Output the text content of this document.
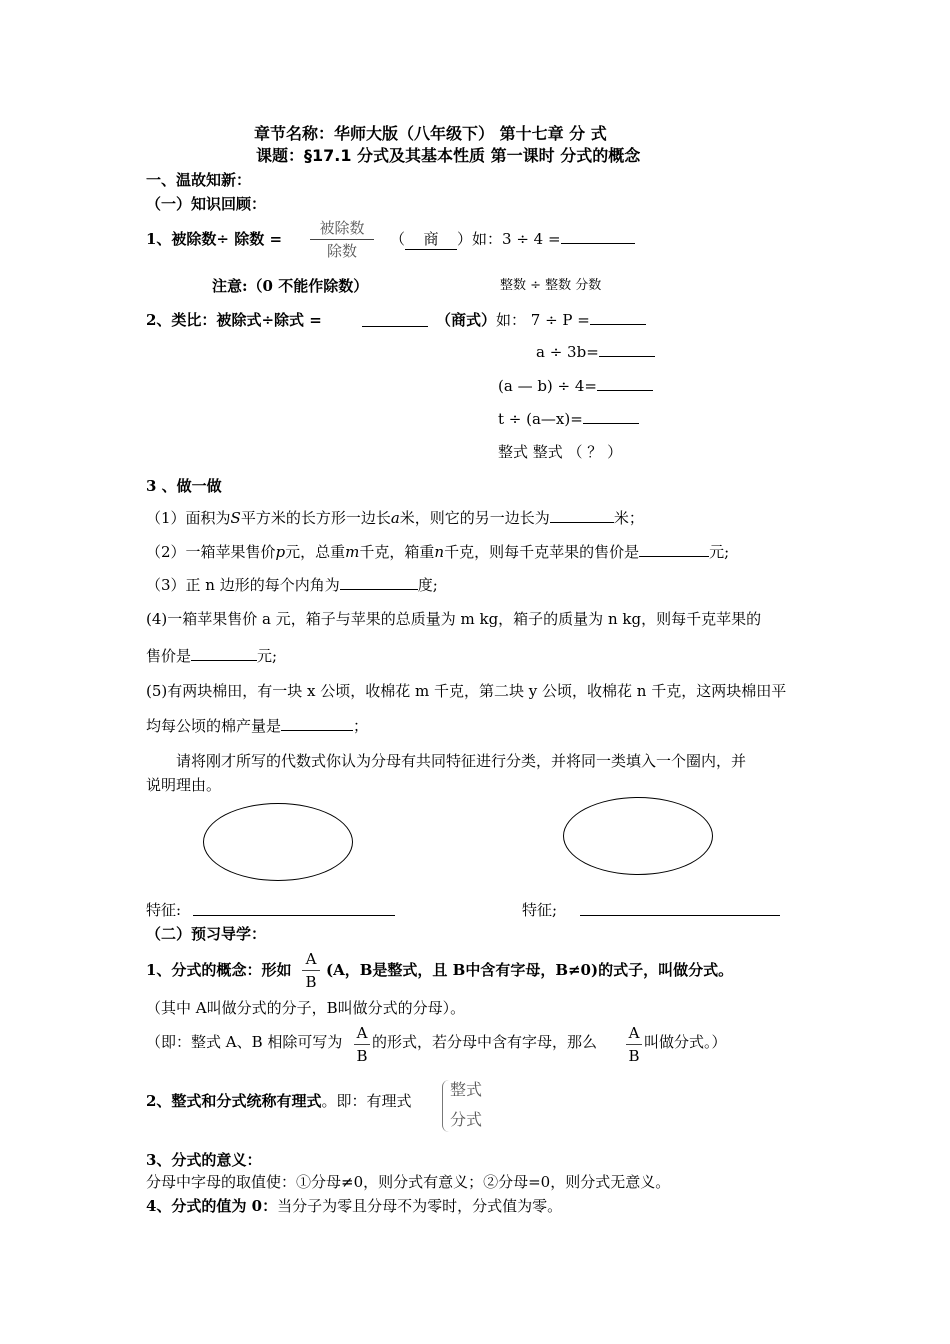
章节名称：华师大版（八年级下） 第十七章 分 式
课题：§17.1 分式及其基本性质 第一课时 分式的概念
一、温故知新：
（一）知识回顾：
1、被除数÷ 除数 =
被除数
除数
（ 商 ）如：3 ÷ 4 =
注意:（0 不能作除数）	整数 ÷ 整数 分数
2、类比：被除式÷除式 =	（商式） 如： 7 ÷ P =
a ÷ 3b=
(a — b) ÷ 4=
t ÷ (a—x)=
整式 整式 （ ？ ）
3 、做一做
（1）面积为S平方米的长方形一边长a米，则它的另一边长为	米；
（2）一箱苹果售价p元，总重m千克，箱重n千克，则每千克苹果的售价是	元;
（3）正 n 边形的每个内角为	度;
(4)一箱苹果售价 a 元，箱子与苹果的总质量为 m kg，箱子的质量为 n kg，则每千克苹果的
售价是	元;
(5)有两块棉田，有一块 x 公顷，收棉花 m 千克，第二块 y 公顷，收棉花 n 千克，这两块棉田平
均每公顷的棉产量是	；
请将刚才所写的代数式你认为分母有共同特征进行分类，并将同一类填入一个圈内，并
说明理由。
特征:	特征;
（二）预习导学：
1、分式的概念：形如 $\frac{A}{B} (A$，B是整式，且 B中含有字母，B≠0)的式子，叫做分式。
（其中 A叫做分式的分子，B叫做分式的分母）。
（即：整式 A、B 相除可写为 $\frac{A}{B}$ 的形式，若分母中含有字母，那么 $\frac{A}{B}$ 叫做分式。）
2、整式和分式统称有理式。即：有理式
整式
分式
3、分式的意义：
分母中字母的取值使：①分母≠0，则分式有意义；②分母=0，则分式无意义。
4、分式的值为 0：当分子为零且分母不为零时，分式值为零。
